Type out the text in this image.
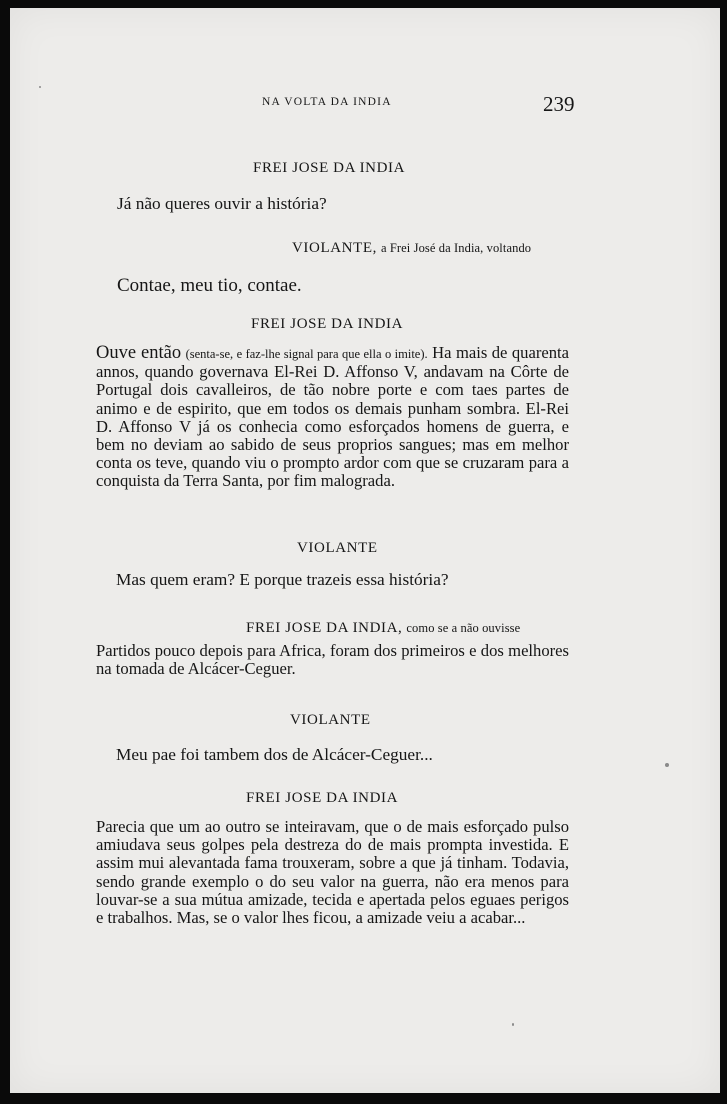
NA VOLTA DA INDIA	239
FREI JOSE DA INDIA
Já não queres ouvir a história?
VIOLANTE, a Frei José da India, voltando
Contae, meu tio, contae.
FREI JOSE DA INDIA
Ouve então (senta-se, e faz-lhe signal para que ella o imite). Ha mais de quarenta annos, quando governava El-Rei D. Affonso V, andavam na Côrte de Portugal dois cavalleiros, de tão nobre porte e com taes partes de animo e de espirito, que em todos os demais punham sombra. El-Rei D. Affonso V já os conhecia como esforçados homens de guerra, e bem no deviam ao sabido de seus proprios sangues; mas em melhor conta os teve, quando viu o prompto ardor com que se cruzaram para a conquista da Terra Santa, por fim malograda.
VIOLANTE
Mas quem eram? E porque trazeis essa história?
FREI JOSE DA INDIA, como se a não ouvisse
Partidos pouco depois para Africa, foram dos primeiros e dos melhores na tomada de Alcácer-Ceguer.
VIOLANTE
Meu pae foi tambem dos de Alcácer-Ceguer...
FREI JOSE DA INDIA
Parecia que um ao outro se inteiravam, que o de mais esforçado pulso amiudava seus golpes pela destreza do de mais prompta investida. E assim mui alevantada fama trouxeram, sobre a que já tinham. Todavia, sendo grande exemplo o do seu valor na guerra, não era menos para louvar-se a sua mútua amizade, tecida e apertada pelos eguaes perigos e trabalhos. Mas, se o valor lhes ficou, a amizade veiu a acabar...
